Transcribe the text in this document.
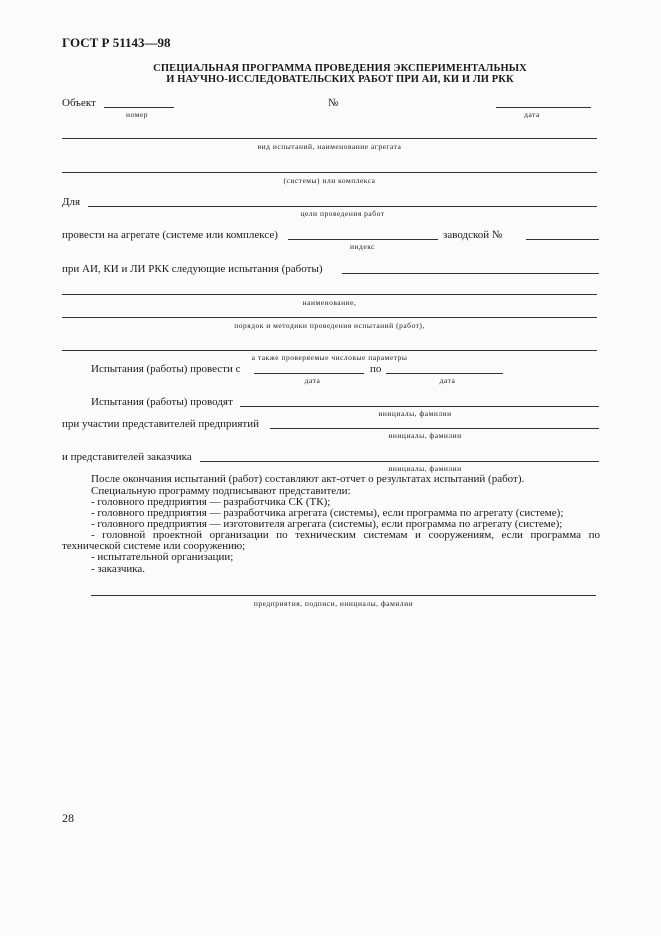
ГОСТ Р 51143—98
СПЕЦИАЛЬНАЯ ПРОГРАММА ПРОВЕДЕНИЯ ЭКСПЕРИМЕНТАЛЬНЫХ
И НАУЧНО-ИССЛЕДОВАТЕЛЬСКИХ РАБОТ ПРИ АИ, КИ И ЛИ РКК
Объект	№
номер	дата
вид испытаний, наименование агрегата
(системы) или комплекса
Для
цели проведения работ
провести на агрегате (системе или комплексе)	заводской №
индекс
при АИ, КИ и ЛИ РКК следующие испытания (работы)
наименование,
порядок и методики проведения испытаний (работ),
а также проверяемые числовые параметры
Испытания (работы) провести с	по
дата	дата
Испытания (работы) проводят
инициалы, фамилии
при участии представителей предприятий
инициалы, фамилии
и представителей заказчика
инициалы, фамилии
После окончания испытаний (работ) составляют акт-отчет о результатах испытаний (работ).
Специальную программу подписывают представители:
- головного предприятия — разработчика СК (ТК);
- головного предприятия — разработчика агрегата (системы), если программа по агрегату (системе);
- головного предприятия — изготовителя агрегата (системы), если программа по агрегату (системе);
- головной проектной организации по техническим системам и сооружениям, если программа по
технической системе или сооружению;
- испытательной организации;
- заказчика.
предприятия, подписи, инициалы, фамилии
28
